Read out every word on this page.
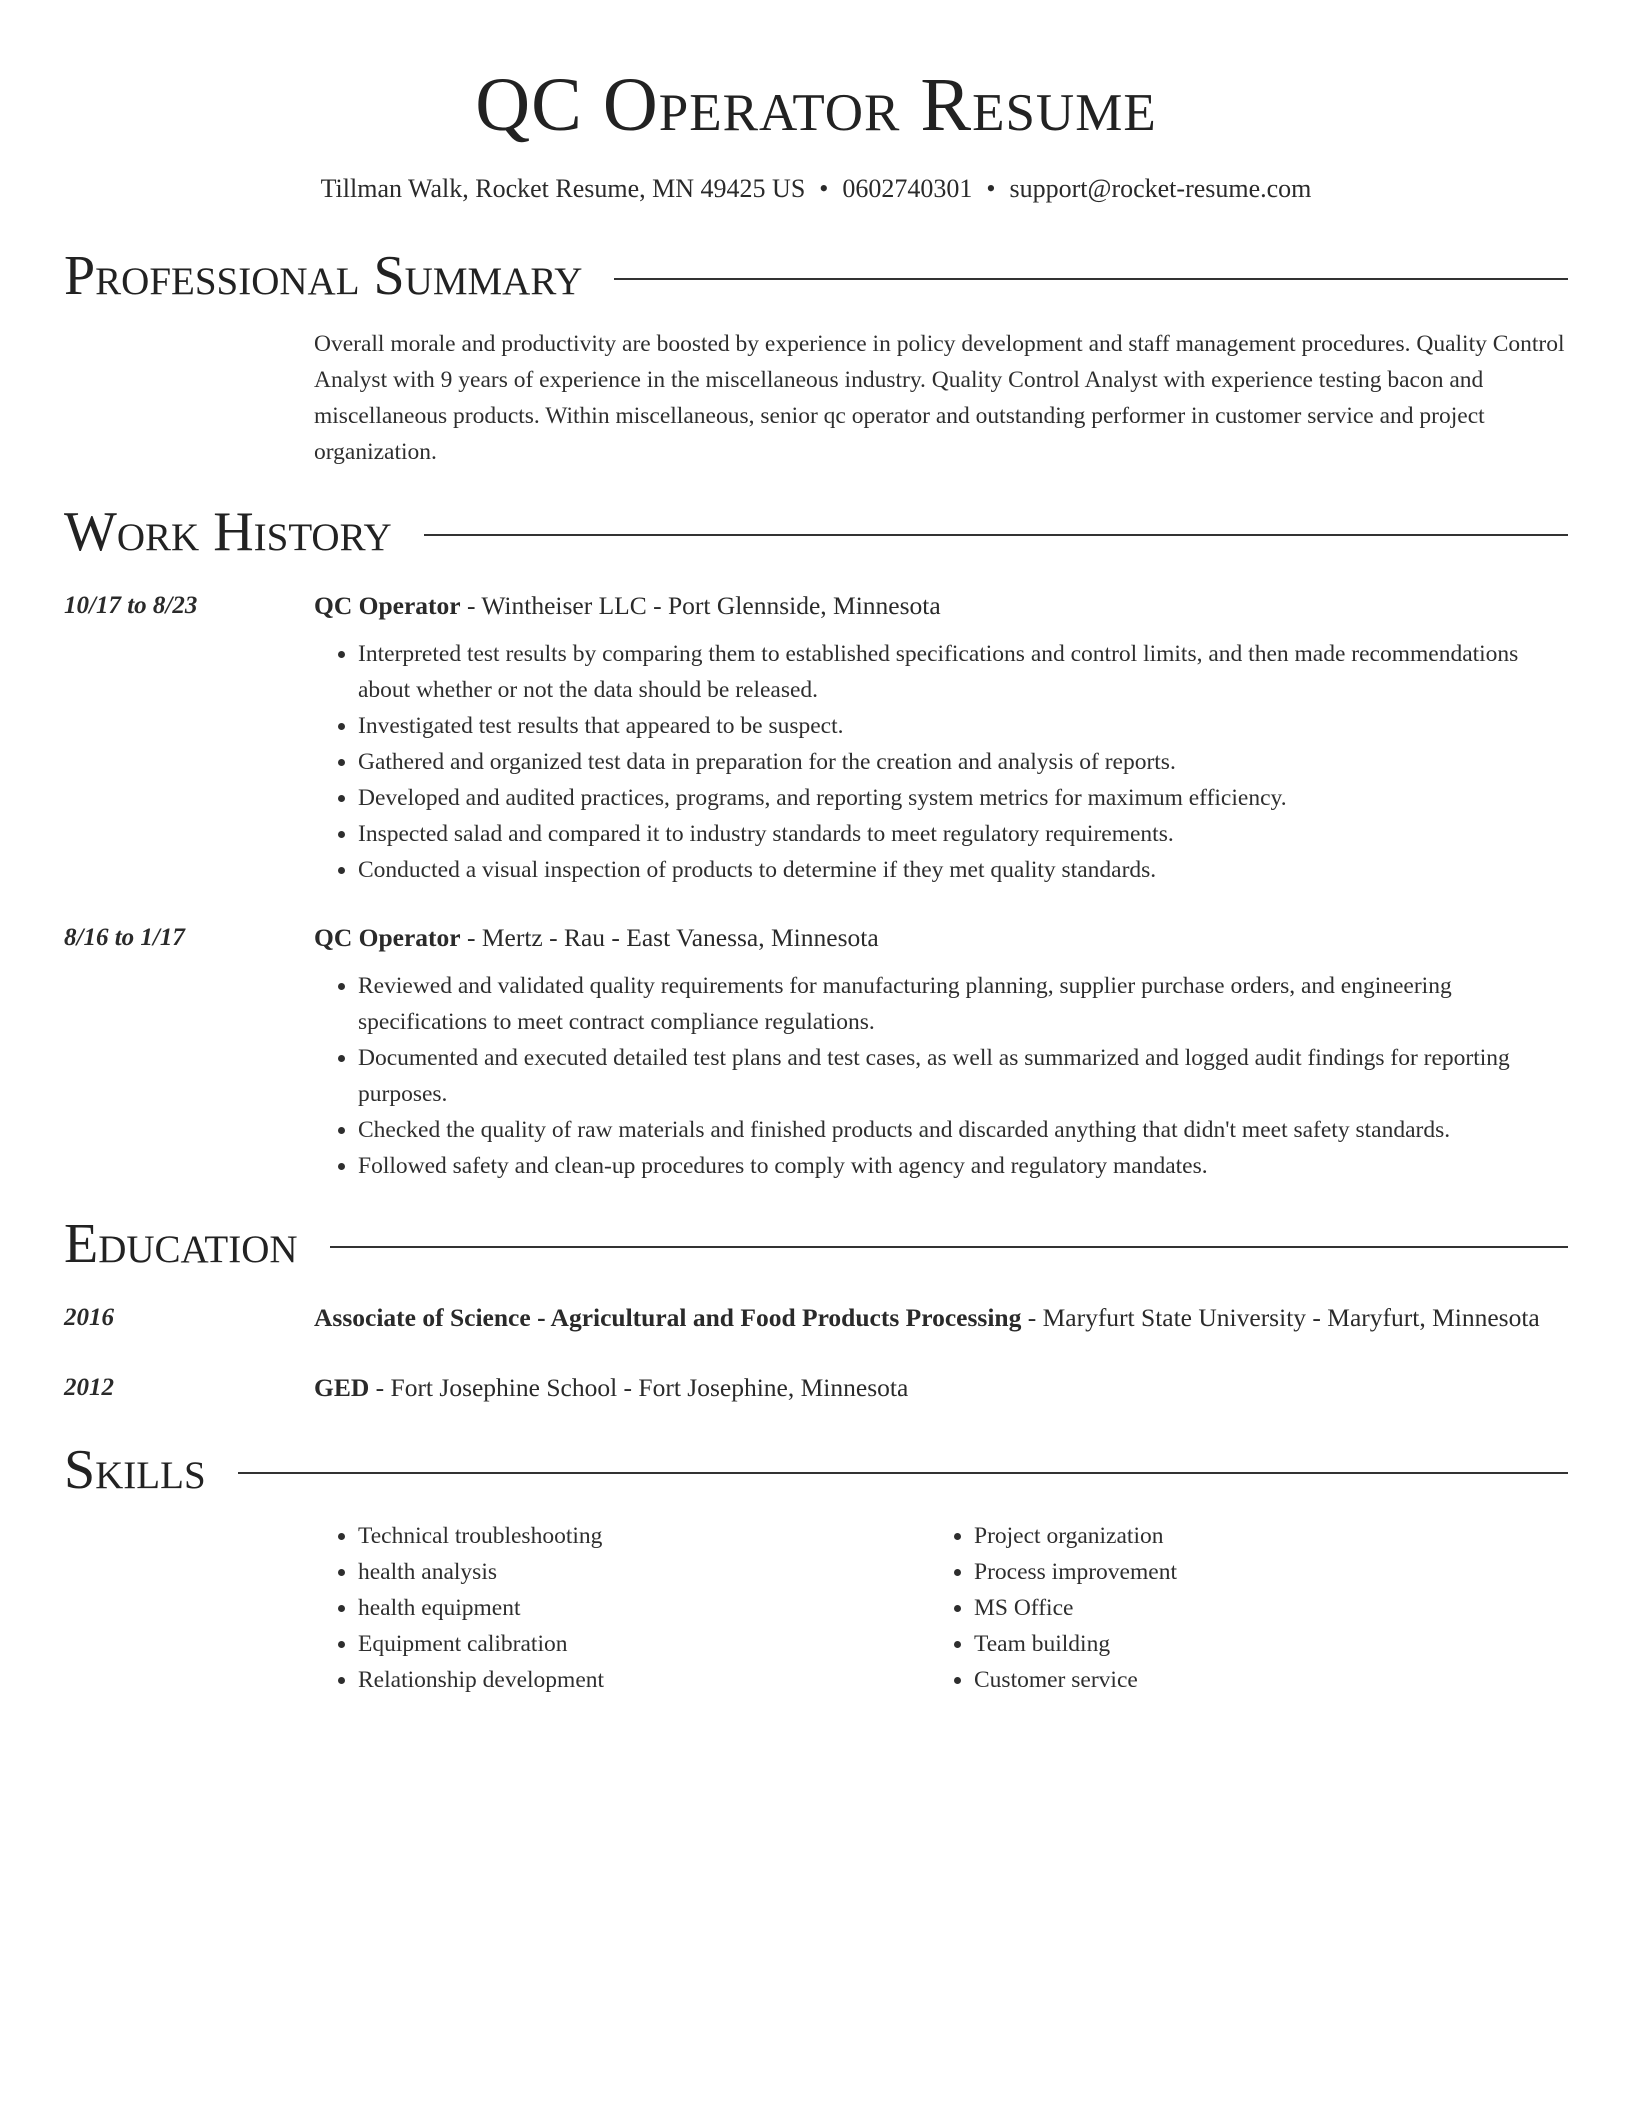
QC Operator Resume
Tillman Walk, Rocket Resume, MN 49425 US • 0602740301 • support@rocket-resume.com
Professional Summary

Overall morale and productivity are boosted by experience in policy development and staff management procedures. Quality Control Analyst with 9 years of experience in the miscellaneous industry. Quality Control Analyst with experience testing bacon and miscellaneous products. Within miscellaneous, senior qc operator and outstanding performer in customer service and project organization.

Work History
10/17 to 8/23	QC Operator - Wintheiser LLC - Port Glennside, Minnesota
• Interpreted test results by comparing them to established specifications and control limits, and then made recommendations about whether or not the data should be released.
• Investigated test results that appeared to be suspect.
• Gathered and organized test data in preparation for the creation and analysis of reports.
• Developed and audited practices, programs, and reporting system metrics for maximum efficiency.
• Inspected salad and compared it to industry standards to meet regulatory requirements.
• Conducted a visual inspection of products to determine if they met quality standards.
8/16 to 1/17	QC Operator - Mertz - Rau - East Vanessa, Minnesota
• Reviewed and validated quality requirements for manufacturing planning, supplier purchase orders, and engineering specifications to meet contract compliance regulations.
• Documented and executed detailed test plans and test cases, as well as summarized and logged audit findings for reporting purposes.
• Checked the quality of raw materials and finished products and discarded anything that didn't meet safety standards.
• Followed safety and clean-up procedures to comply with agency and regulatory mandates.
Education
2016	Associate of Science - Agricultural and Food Products Processing - Maryfurt State University - Maryfurt, Minnesota
2012	GED - Fort Josephine School - Fort Josephine, Minnesota
Skills
• Technical troubleshooting
• health analysis
• health equipment
• Equipment calibration
• Relationship development
• Project organization
• Process improvement
• MS Office
• Team building
• Customer service
